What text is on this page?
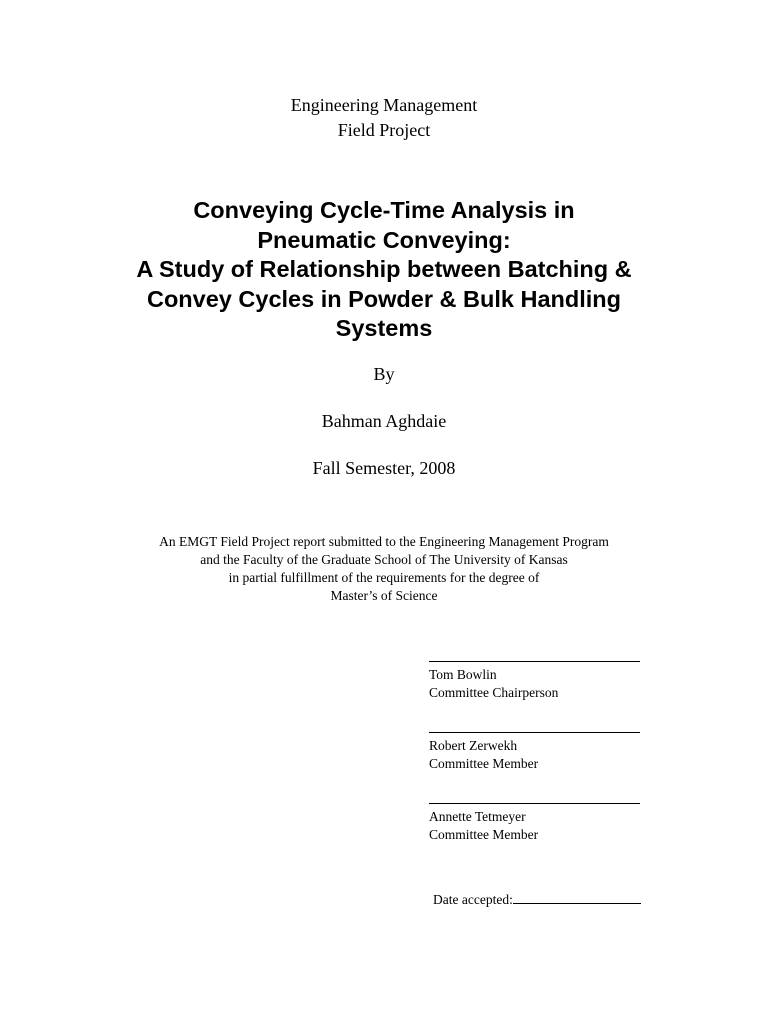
Engineering Management
Field Project
Conveying Cycle-Time Analysis in
Pneumatic Conveying:
A Study of Relationship between Batching &
Convey Cycles in Powder & Bulk Handling
Systems
By
Bahman Aghdaie
Fall Semester, 2008
An EMGT Field Project report submitted to the Engineering Management Program
and the Faculty of the Graduate School of The University of Kansas
in partial fulfillment of the requirements for the degree of
Master’s of Science
Tom Bowlin
Committee Chairperson
Robert Zerwekh
Committee Member
Annette Tetmeyer
Committee Member
Date accepted:
